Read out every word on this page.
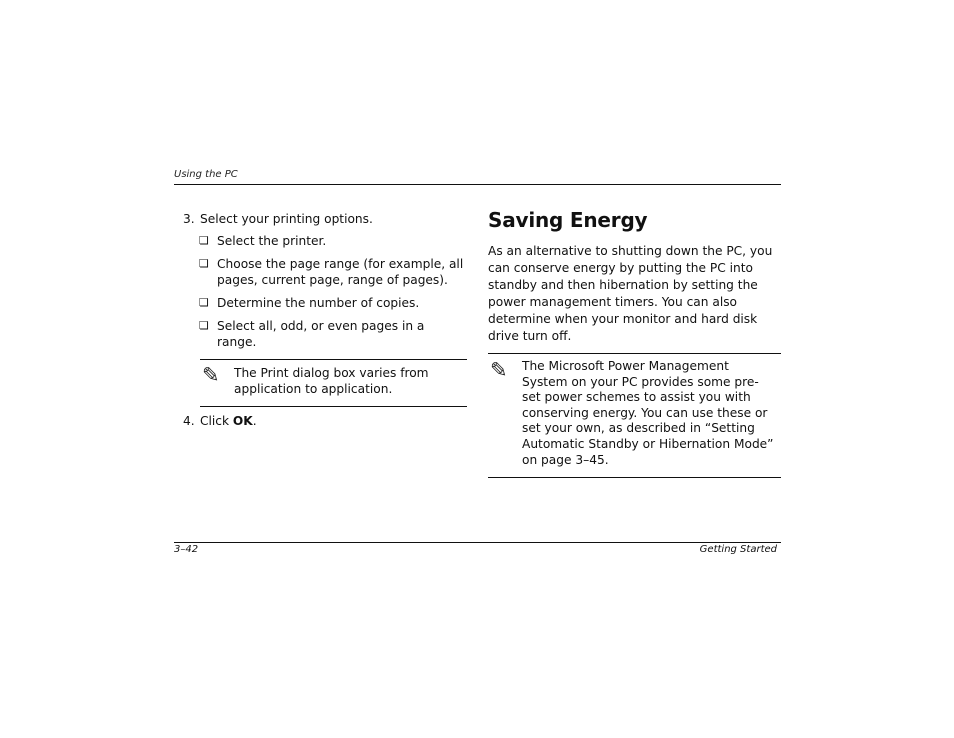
Using the PC
3. Select your printing options.
❏ Select the printer.
❏ Choose the page range (for example, all pages, current page, range of pages).
❏ Determine the number of copies.
❏ Select all, odd, or even pages in a range.
✎ The Print dialog box varies from application to application.
4. Click OK.
Saving Energy

As an alternative to shutting down the PC, you can conserve energy by putting the PC into standby and then hibernation by setting the power management timers. You can also determine when your monitor and hard disk drive turn off.

✎ The Microsoft Power Management System on your PC provides some pre-set power schemes to assist you with conserving energy. You can use these or set your own, as described in “Setting Automatic Standby or Hibernation Mode” on page 3–45.
3–42	Getting Started
